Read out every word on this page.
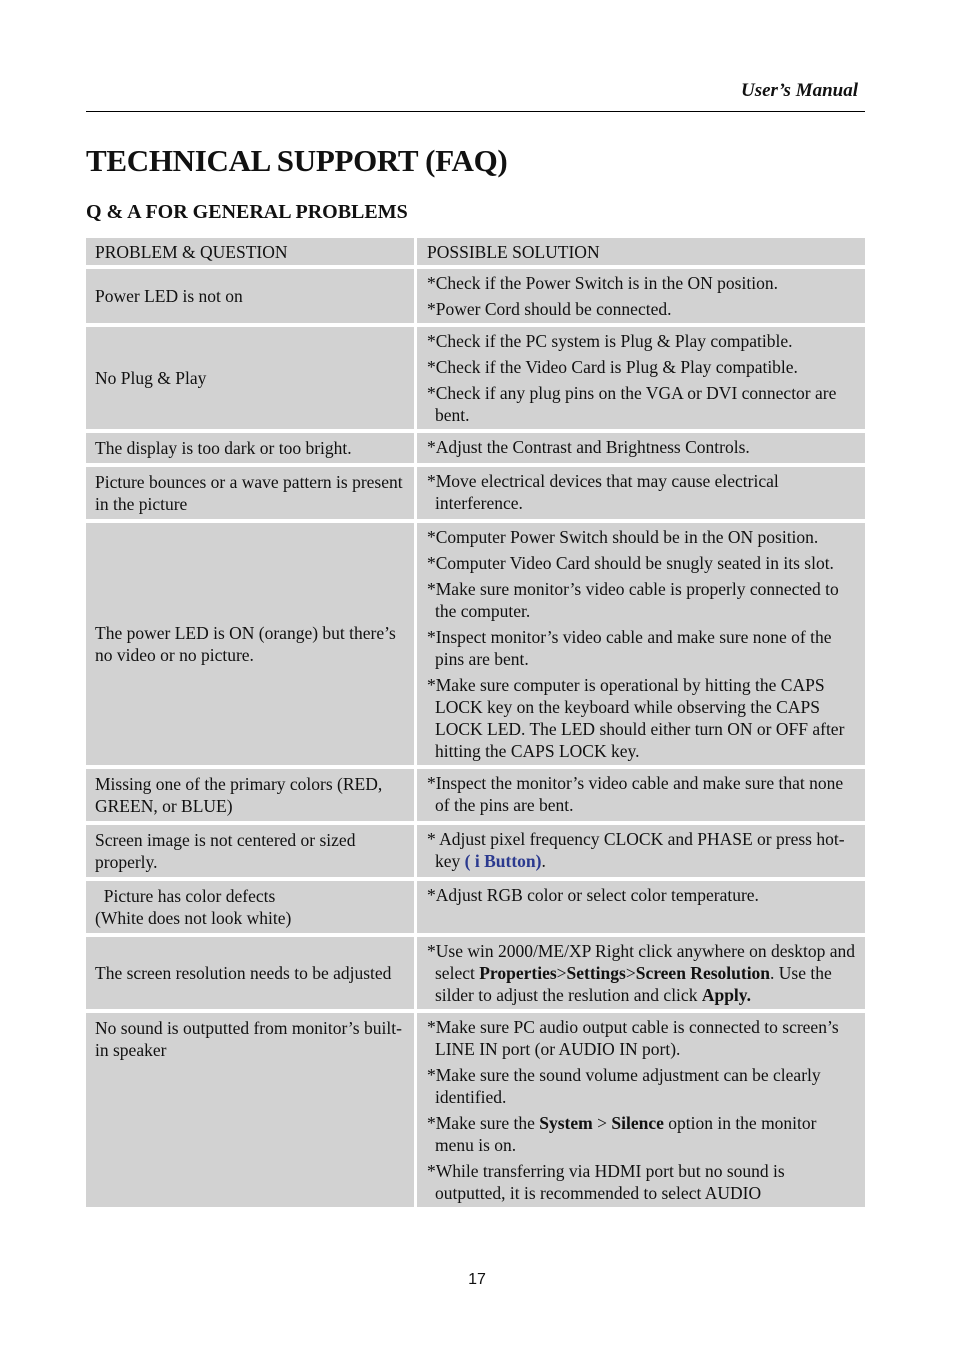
User’s Manual
TECHNICAL SUPPORT (FAQ)
Q & A FOR GENERAL PROBLEMS
PROBLEM & QUESTION	POSSIBLE SOLUTION
Power LED is not on
*Check if the Power Switch is in the ON position.
*Power Cord should be connected.
No Plug & Play
*Check if the PC system is Plug & Play compatible.
*Check if the Video Card is Plug & Play compatible.
*Check if any plug pins on the VGA or DVI connector are bent.
The display is too dark or too bright.	*Adjust the Contrast and Brightness Controls.
Picture bounces or a wave pattern is present in the picture
*Move electrical devices that may cause electrical interference.
The power LED is ON (orange) but there’s no video or no picture.
*Computer Power Switch should be in the ON position.
*Computer Video Card should be snugly seated in its slot.
*Make sure monitor’s video cable is properly connected to the computer.
*Inspect monitor’s video cable and make sure none of the pins are bent.
*Make sure computer is operational by hitting the CAPS LOCK key on the keyboard while observing the CAPS LOCK LED. The LED should either turn ON or OFF after hitting the CAPS LOCK key.
Missing one of the primary colors (RED, GREEN, or BLUE)
*Inspect the monitor’s video cable and make sure that none of the pins are bent.
Screen image is not centered or sized properly.
* Adjust pixel frequency CLOCK and PHASE or press hot-key ( i Button).
Picture has color defects
(White does not look white)
*Adjust RGB color or select color temperature.
The screen resolution needs to be adjusted
*Use win 2000/ME/XP Right click anywhere on desktop and select Properties>Settings>Screen Resolution. Use the silder to adjust the reslution and click Apply.
No sound is outputted from monitor’s built-in speaker
*Make sure PC audio output cable is connected to screen’s LINE IN port (or AUDIO IN port).
*Make sure the sound volume adjustment can be clearly identified.
*Make sure the System > Silence option in the monitor menu is on.
*While transferring via HDMI port but no sound is outputted, it is recommended to select AUDIO
17
